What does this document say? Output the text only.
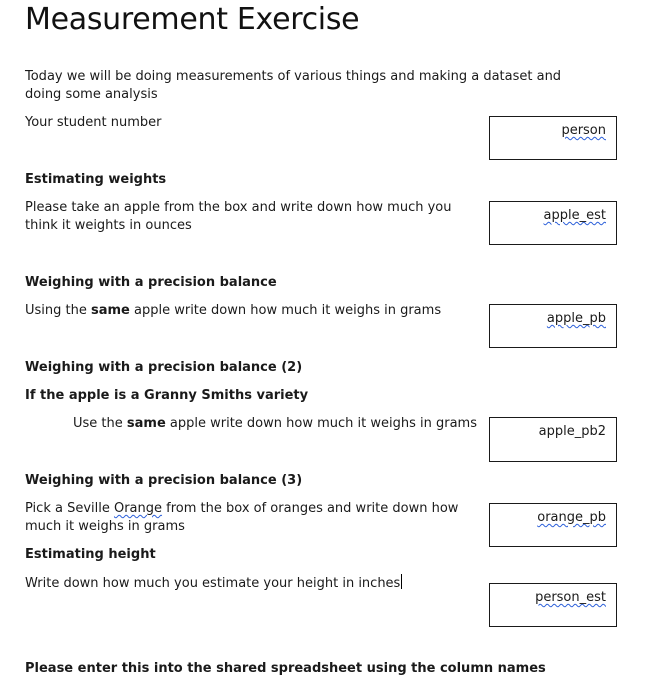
Measurement Exercise

Today we will be doing measurements of various things and making a dataset and doing some analysis

Your student number

person

Estimating weights

Please take an apple from the box and write down how much you think it weights in ounces

apple_est

Weighing with a precision balance

Using the same apple write down how much it weighs in grams

apple_pb

Weighing with a precision balance (2)

If the apple is a Granny Smiths variety

Use the same apple write down how much it weighs in grams

apple_pb2

Weighing with a precision balance (3)

Pick a Seville Orange from the box of oranges and write down how much it weighs in grams

orange_pb

Estimating height

Write down how much you estimate your height in inches

person_est

Please enter this into the shared spreadsheet using the column names
